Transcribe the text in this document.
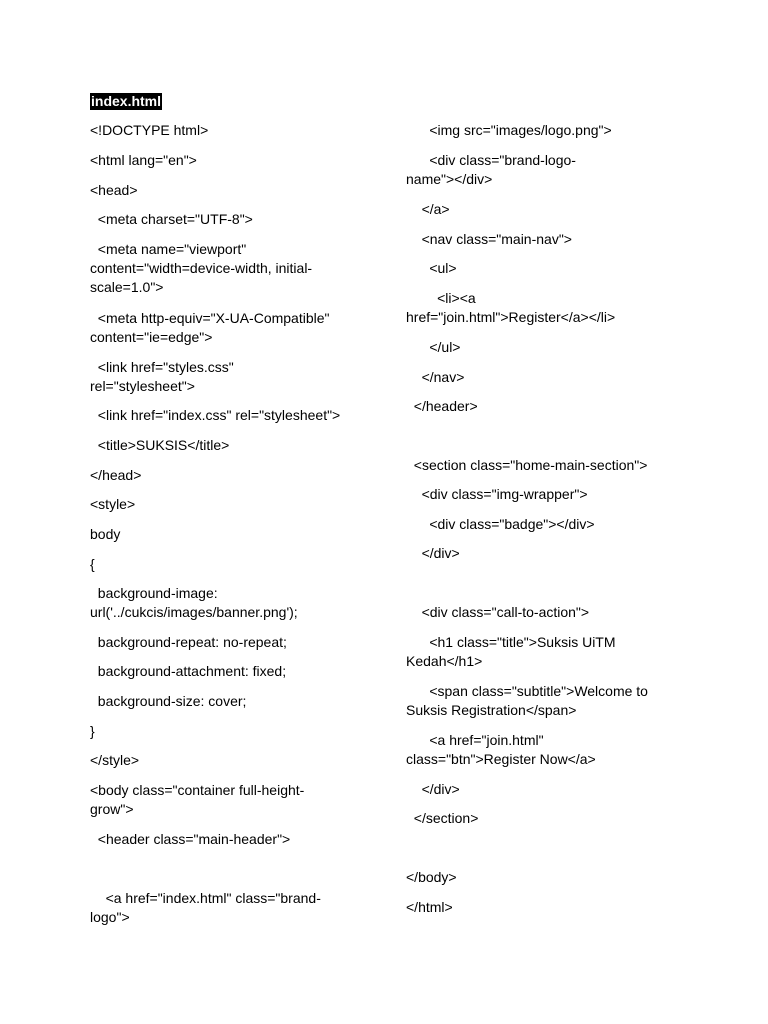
index.html
<!DOCTYPE html>
<html lang="en">
<head>
<meta charset="UTF-8">
<meta name="viewport"
content="width=device-width, initial-
scale=1.0">
<meta http-equiv="X-UA-Compatible"
content="ie=edge">
<link href="styles.css"
rel="stylesheet">
<link href="index.css" rel="stylesheet">
<title>SUKSIS</title>
</head>
<style>
body
{
background-image:
url('../cukcis/images/banner.png');
background-repeat: no-repeat;
background-attachment: fixed;
background-size: cover;
}
</style>
<body class="container full-height-
grow">
<header class="main-header">
<a href="index.html" class="brand-
logo">
<img src="images/logo.png">
<div class="brand-logo-
name"></div>
</a>
<nav class="main-nav">
<ul>
<li><a
href="join.html">Register</a></li>
</ul>
</nav>
</header>
<section class="home-main-section">
<div class="img-wrapper">
<div class="badge"></div>
</div>
<div class="call-to-action">
<h1 class="title">Suksis UiTM
Kedah</h1>
<span class="subtitle">Welcome to
Suksis Registration</span>
<a href="join.html"
class="btn">Register Now</a>
</div>
</section>
</body>
</html>
